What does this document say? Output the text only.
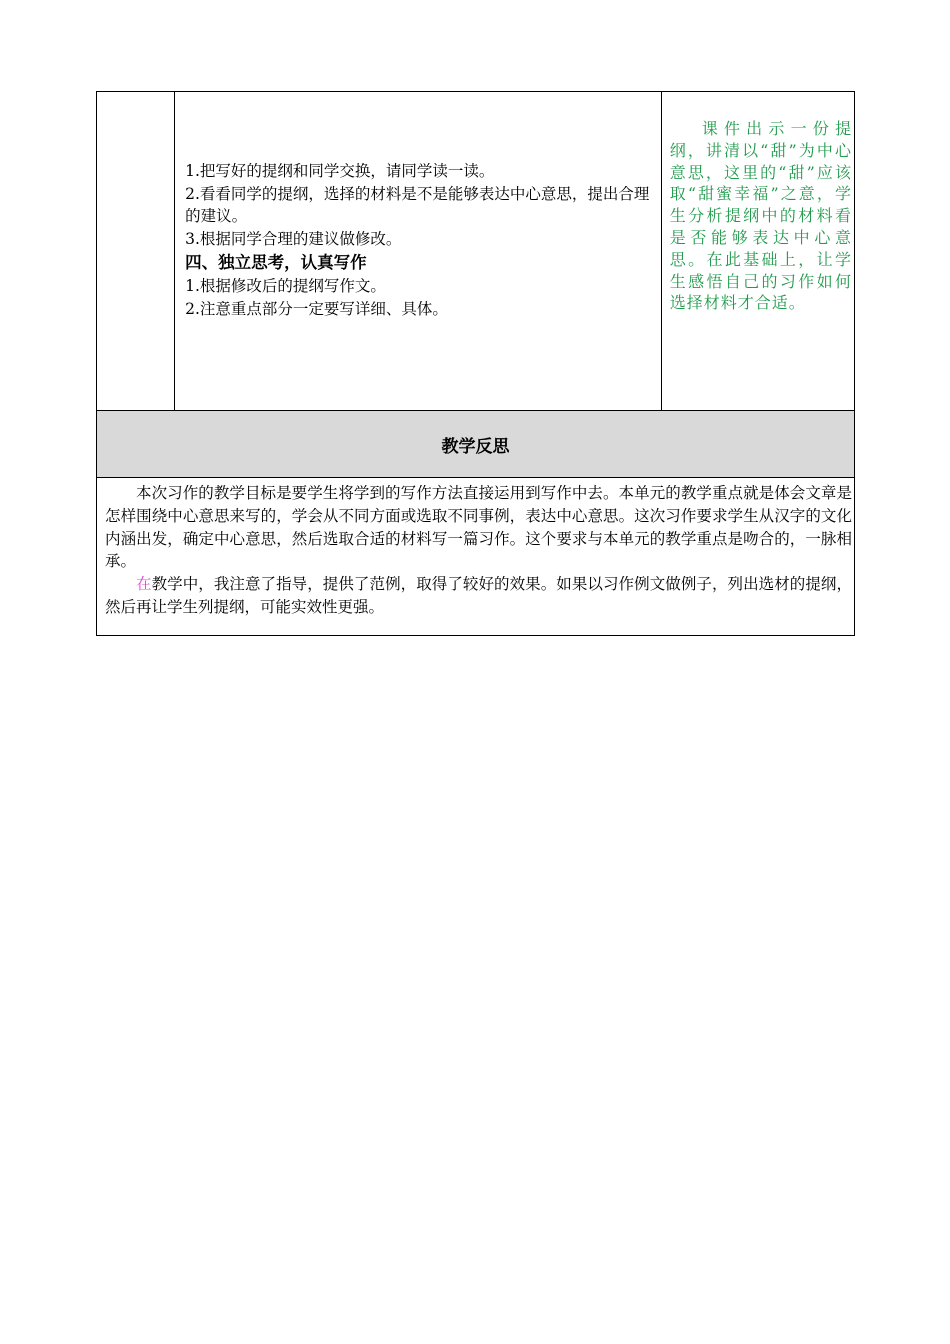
1.把写好的提纲和同学交换，请同学读一读。

2.看看同学的提纲，选择的材料是不是能够表达中心意思，提出合理的建议。

3.根据同学合理的建议做修改。

四、独立思考，认真写作

1.根据修改后的提纲写作文。

2.注意重点部分一定要写详细、具体。

课件出示一份提纲，讲清以“甜”为中心意思，这里的“甜”应该取“甜蜜幸福”之意，学生分析提纲中的材料看是否能够表达中心意思。在此基础上，让学生感悟自己的习作如何选择材料才合适。

教学反思

本次习作的教学目标是要学生将学到的写作方法直接运用到写作中去。本单元的教学重点就是体会文章是怎样围绕中心意思来写的，学会从不同方面或选取不同事例，表达中心意思。这次习作要求学生从汉字的文化内涵出发，确定中心意思，然后选取合适的材料写一篇习作。这个要求与本单元的教学重点是吻合的，一脉相承。

在教学中，我注意了指导，提供了范例，取得了较好的效果。如果以习作例文做例子，列出选材的提纲，然后再让学生列提纲，可能实效性更强。
